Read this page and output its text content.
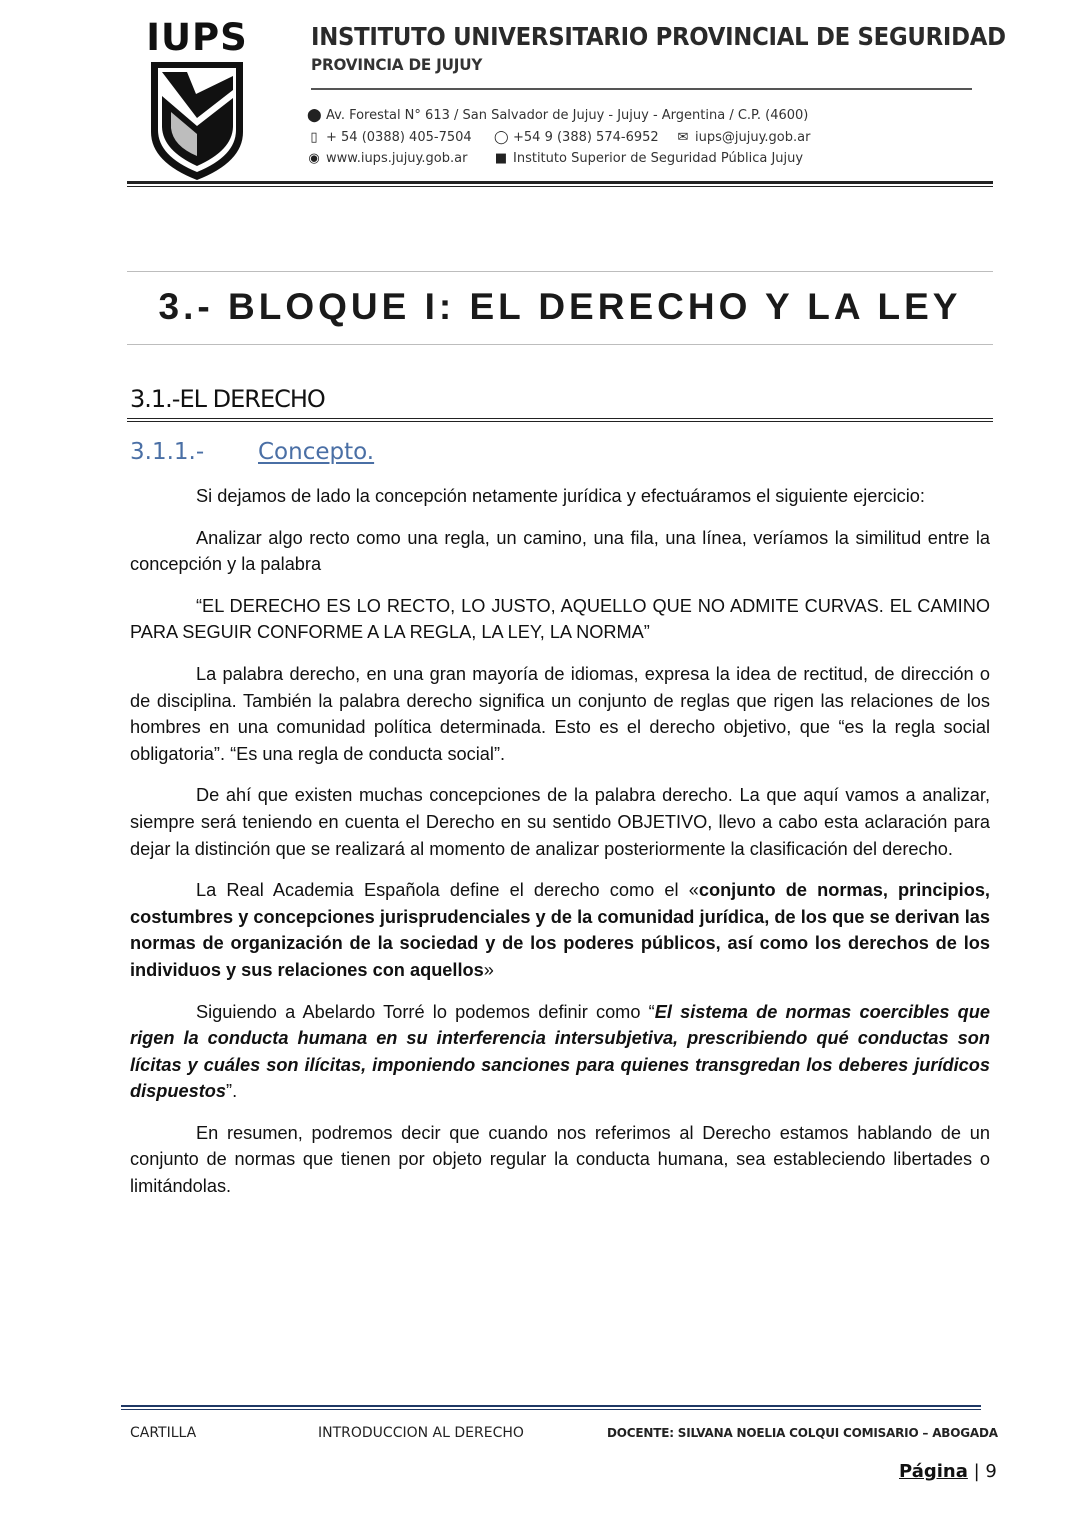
IUPS	INSTITUTO UNIVERSITARIO PROVINCIAL DE SEGURIDAD
PROVINCIA DE JUJUY
⬤ Av. Forestal N° 613 / San Salvador de Jujuy - Jujuy - Argentina / C.P. (4600)
▯ + 54 (0388) 405-7504 ◯ +54 9 (388) 574-6952 ✉ iups@jujuy.gob.ar
◉ www.iups.jujuy.gob.ar ■ Instituto Superior de Seguridad Pública Jujuy
3.- BLOQUE I: EL DERECHO Y LA LEY
3.1.-EL DERECHO
3.1.1.- Concepto.

Si dejamos de lado la concepción netamente jurídica y efectuáramos el siguiente ejercicio:

Analizar algo recto como una regla, un camino, una fila, una línea, veríamos la similitud entre la concepción y la palabra

“EL DERECHO ES LO RECTO, LO JUSTO, AQUELLO QUE NO ADMITE CURVAS. EL CAMINO PARA SEGUIR CONFORME A LA REGLA, LA LEY, LA NORMA”

La palabra derecho, en una gran mayoría de idiomas, expresa la idea de rectitud, de dirección o de disciplina. También la palabra derecho significa un conjunto de reglas que rigen las relaciones de los hombres en una comunidad política determinada. Esto es el derecho objetivo, que “es la regla social obligatoria”. “Es una regla de conducta social”.

De ahí que existen muchas concepciones de la palabra derecho. La que aquí vamos a analizar, siempre será teniendo en cuenta el Derecho en su sentido OBJETIVO, llevo a cabo esta aclaración para dejar la distinción que se realizará al momento de analizar posteriormente la clasificación del derecho.

La Real Academia Española define el derecho como el «conjunto de normas, principios, costumbres y concepciones jurisprudenciales y de la comunidad jurídica, de los que se derivan las normas de organización de la sociedad y de los poderes públicos, así como los derechos de los individuos y sus relaciones con aquellos»

Siguiendo a Abelardo Torré lo podemos definir como “El sistema de normas coercibles que rigen la conducta humana en su interferencia intersubjetiva, prescribiendo qué conductas son lícitas y cuáles son ilícitas, imponiendo sanciones para quienes transgredan los deberes jurídicos dispuestos”.

En resumen, podremos decir que cuando nos referimos al Derecho estamos hablando de un conjunto de normas que tienen por objeto regular la conducta humana, sea estableciendo libertades o limitándolas.

CARTILLA	INTRODUCCION AL DERECHO	DOCENTE: SILVANA NOELIA COLQUI COMISARIO – ABOGADA
Página | 9
